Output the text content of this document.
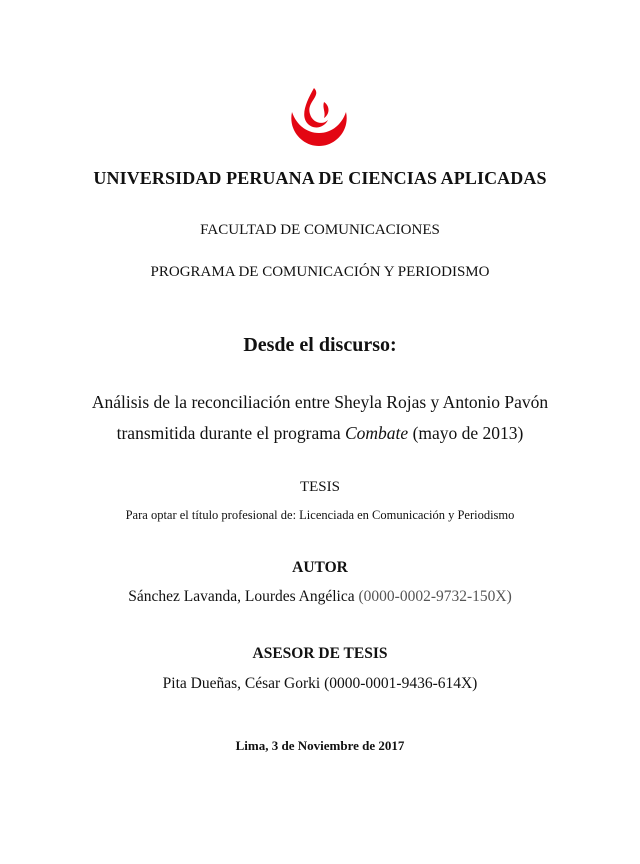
UNIVERSIDAD PERUANA DE CIENCIAS APLICADAS
FACULTAD DE COMUNICACIONES
PROGRAMA DE COMUNICACIÓN Y PERIODISMO
Desde el discurso:
Análisis de la reconciliación entre Sheyla Rojas y Antonio Pavón
transmitida durante el programa Combate (mayo de 2013)
TESIS
Para optar el título profesional de: Licenciada en Comunicación y Periodismo
AUTOR
Sánchez Lavanda, Lourdes Angélica (0000-0002-9732-150X)
ASESOR DE TESIS
Pita Dueñas, César Gorki (0000-0001-9436-614X)
Lima, 3 de Noviembre de 2017
